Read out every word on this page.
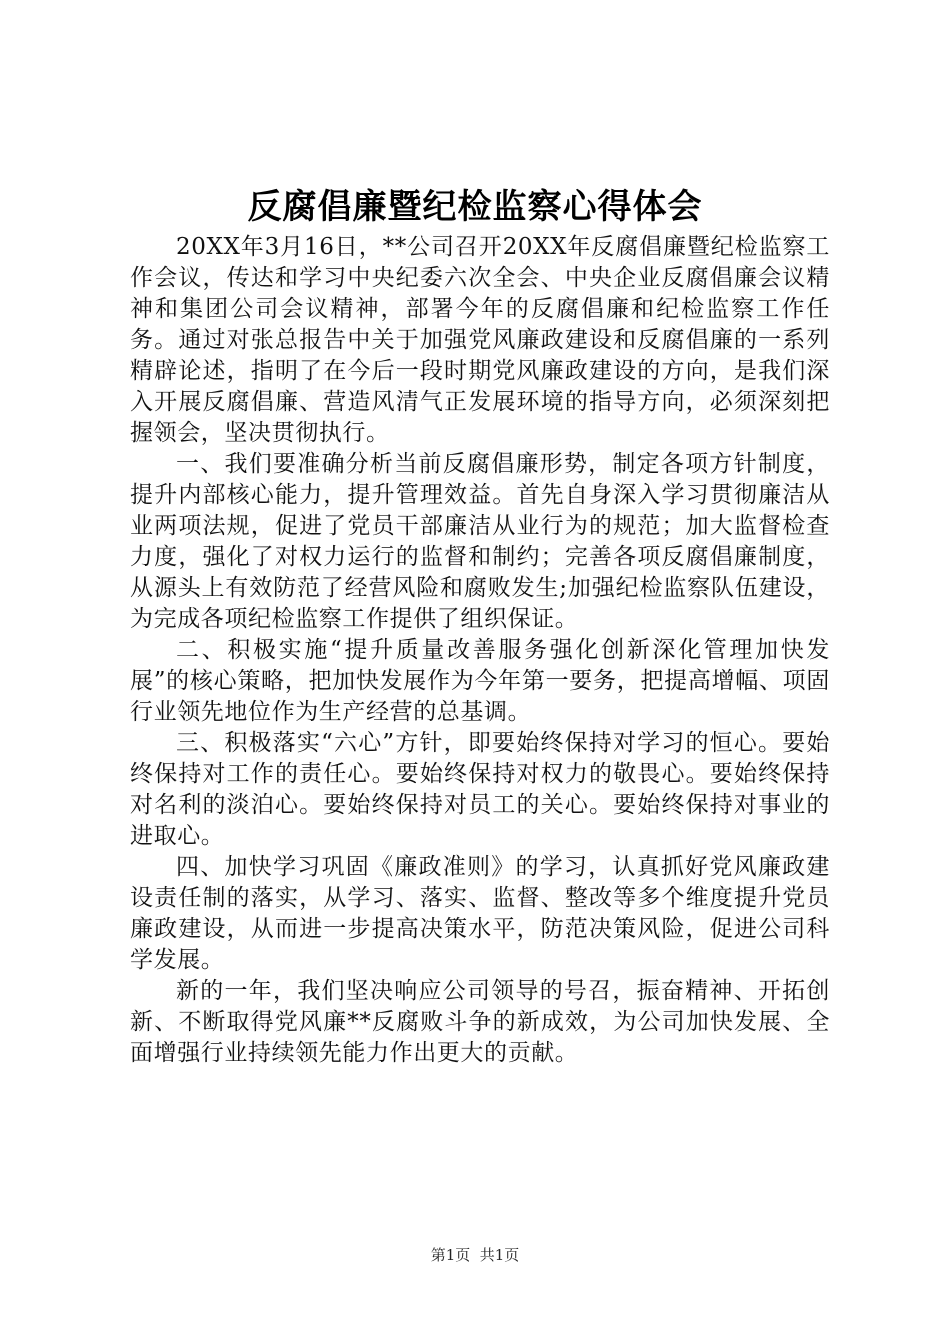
反腐倡廉暨纪检监察心得体会

20XX年3月16日，**公司召开20XX年反腐倡廉暨纪检监察工作会议，传达和学习中央纪委六次全会、中央企业反腐倡廉会议精神和集团公司会议精神，部署今年的反腐倡廉和纪检监察工作任务。通过对张总报告中关于加强党风廉政建设和反腐倡廉的一系列精辟论述，指明了在今后一段时期党风廉政建设的方向，是我们深入开展反腐倡廉、营造风清气正发展环境的指导方向，必须深刻把握领会，坚决贯彻执行。

一、我们要准确分析当前反腐倡廉形势，制定各项方针制度，提升内部核心能力，提升管理效益。首先自身深入学习贯彻廉洁从业两项法规，促进了党员干部廉洁从业行为的规范；加大监督检查力度，强化了对权力运行的监督和制约；完善各项反腐倡廉制度，从源头上有效防范了经营风险和腐败发生;加强纪检监察队伍建设，为完成各项纪检监察工作提供了组织保证。

二、积极实施“提升质量改善服务强化创新深化管理加快发展”的核心策略，把加快发展作为今年第一要务，把提高增幅、项固行业领先地位作为生产经营的总基调。

三、积极落实“六心”方针，即要始终保持对学习的恒心。要始终保持对工作的责任心。要始终保持对权力的敬畏心。要始终保持对名利的淡泊心。要始终保持对员工的关心。要始终保持对事业的进取心。

四、加快学习巩固《廉政准则》的学习，认真抓好党风廉政建设责任制的落实，从学习、落实、监督、整改等多个维度提升党员廉政建设，从而进一步提高决策水平，防范决策风险，促进公司科学发展。

新的一年，我们坚决响应公司领导的号召，振奋精神、开拓创新、不断取得党风廉**反腐败斗争的新成效，为公司加快发展、全面增强行业持续领先能力作出更大的贡献。

第1页  共1页
